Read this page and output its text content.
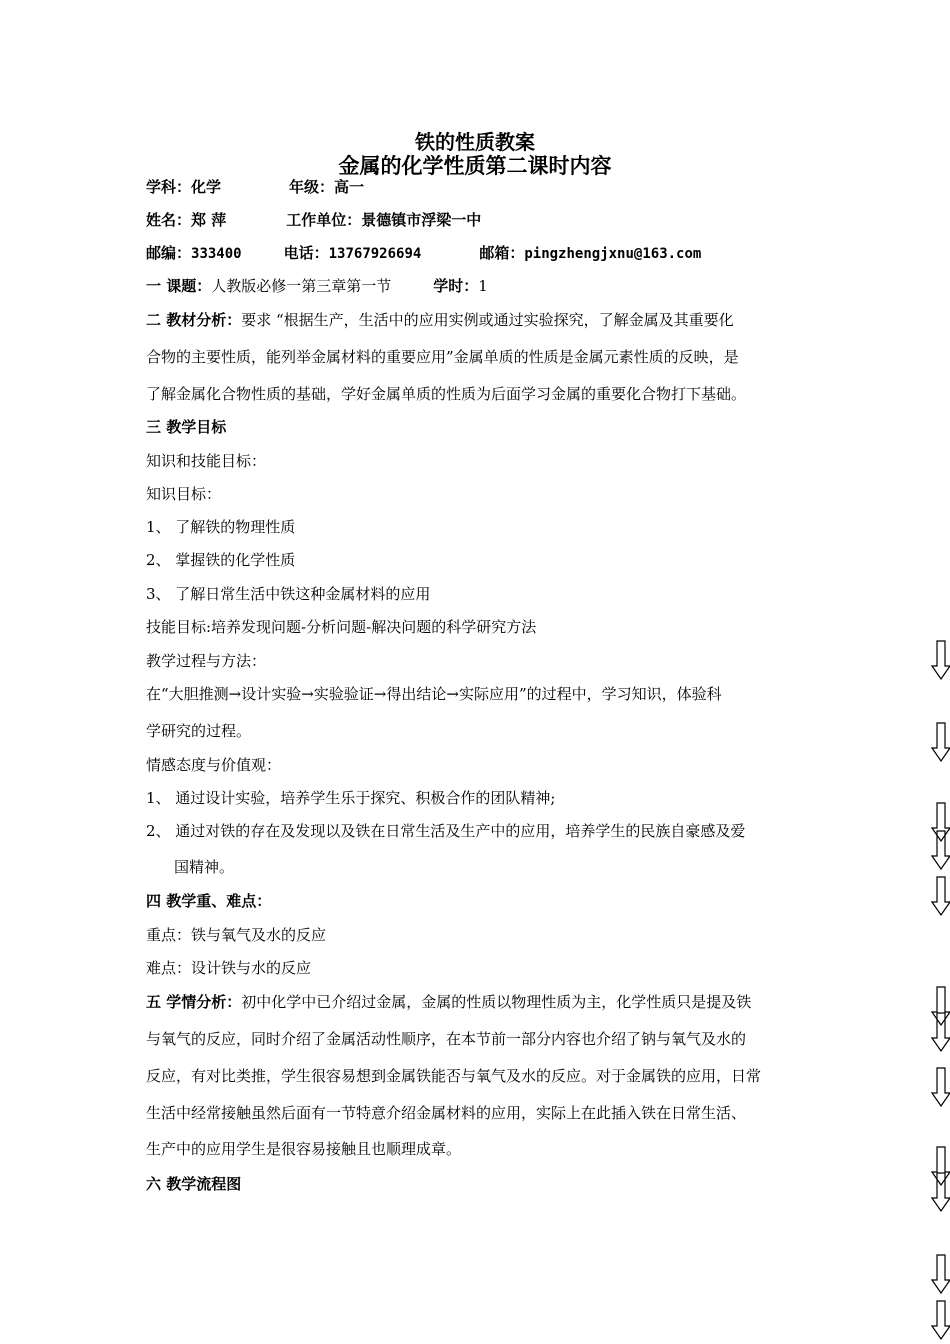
铁的性质教案
金属的化学性质第二课时内容
学科：化学	年级：高一
姓名：郑 萍	工作单位：景德镇市浮梁一中
邮编：333400	电话：13767926694	邮箱：pingzhengjxnu@163.com
一 课题：人教版必修一第三章第一节	学时：1
二 教材分析：要求 “根据生产，生活中的应用实例或通过实验探究，了解金属及其重要化
合物的主要性质，能列举金属材料的重要应用”金属单质的性质是金属元素性质的反映，是
了解金属化合物性质的基础，学好金属单质的性质为后面学习金属的重要化合物打下基础。
三 教学目标
知识和技能目标：
知识目标：
1、 了解铁的物理性质
2、 掌握铁的化学性质
3、 了解日常生活中铁这种金属材料的应用
技能目标:培养发现问题-分析问题-解决问题的科学研究方法
教学过程与方法：
在“大胆推测→设计实验→实验验证→得出结论→实际应用”的过程中，学习知识，体验科
学研究的过程。
情感态度与价值观：
1、 通过设计实验，培养学生乐于探究、积极合作的团队精神;
2、 通过对铁的存在及发现以及铁在日常生活及生产中的应用，培养学生的民族自豪感及爱
国精神。
四 教学重、难点：
重点：铁与氧气及水的反应
难点：设计铁与水的反应
五 学情分析：初中化学中已介绍过金属，金属的性质以物理性质为主，化学性质只是提及铁
与氧气的反应，同时介绍了金属活动性顺序，在本节前一部分内容也介绍了钠与氧气及水的
反应，有对比类推，学生很容易想到金属铁能否与氧气及水的反应。对于金属铁的应用，日常
生活中经常接触虽然后面有一节特意介绍金属材料的应用，实际上在此插入铁在日常生活、
生产中的应用学生是很容易接触且也顺理成章。
六 教学流程图
